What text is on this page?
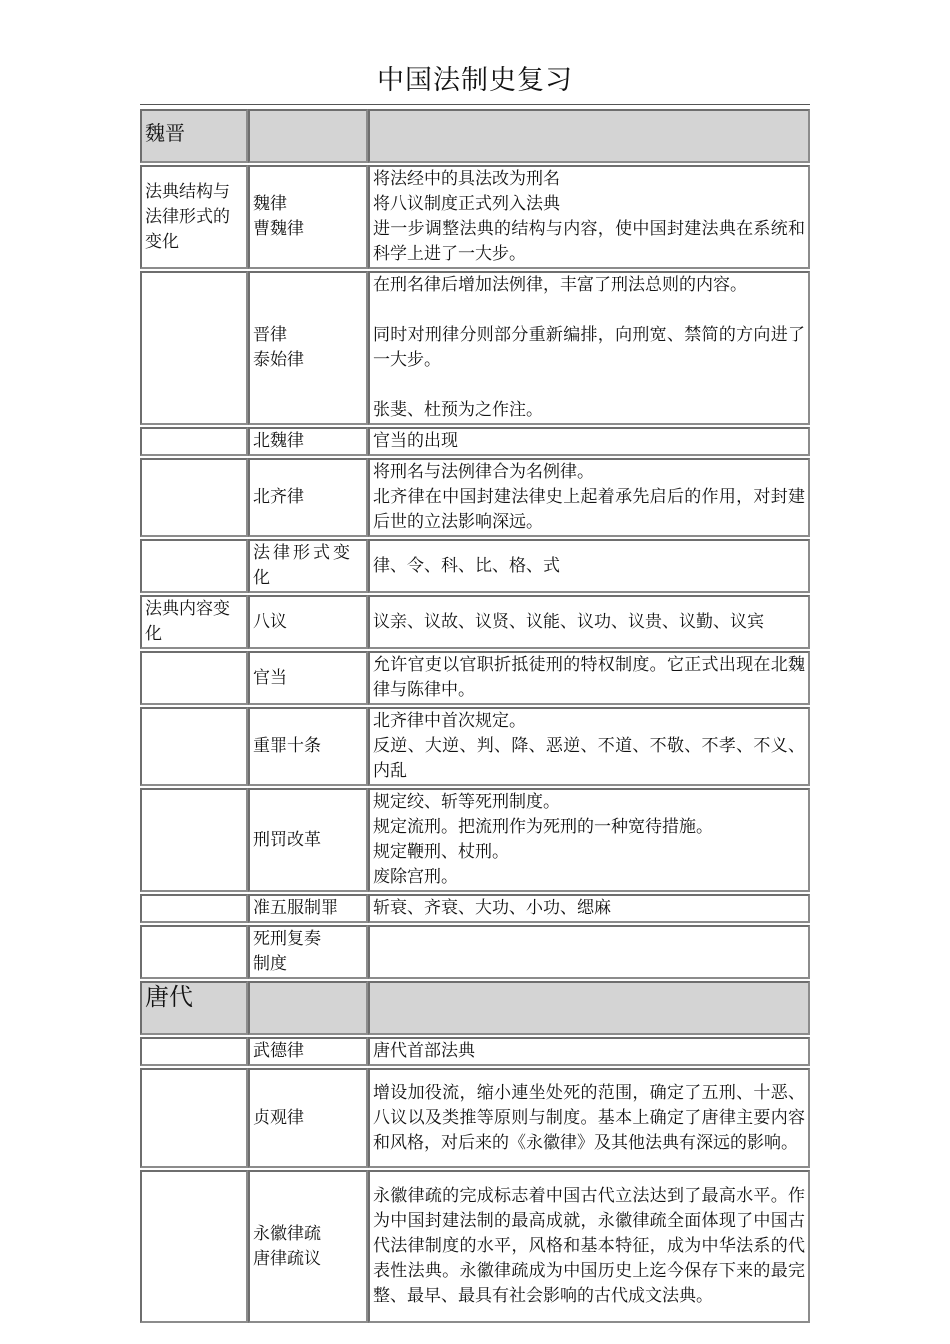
中国法制史复习
魏晋		

法典结构与
法律形式的
变化	魏律
曹魏律	将法经中的具法改为刑名
将八议制度正式列入法典
进一步调整法典的结构与内容，使中国封建法典在系统和科学上进了一大步。

	晋律
泰始律	在刑名律后增加法例律，丰富了刑法总则的内容。
同时对刑律分则部分重新编排，向刑宽、禁简的方向进了一大步。
张斐、杜预为之作注。

	北魏律	官当的出现

	北齐律	将刑名与法例律合为名例律。
北齐律在中国封建法律史上起着承先启后的作用，对封建后世的立法影响深远。

	法律形式变化	律、令、科、比、格、式

法典内容变化	八议	议亲、议故、议贤、议能、议功、议贵、议勤、议宾

	官当	允许官吏以官职折抵徒刑的特权制度。它正式出现在北魏律与陈律中。

	重罪十条	北齐律中首次规定。
反逆、大逆、判、降、恶逆、不道、不敬、不孝、不义、内乱

	刑罚改革	规定绞、斩等死刑制度。
规定流刑。把流刑作为死刑的一种宽待措施。
规定鞭刑、杖刑。
废除宫刑。

	准五服制罪	斩衰、齐衰、大功、小功、缌麻

	死刑复奏
制度	

唐代		

	武德律	唐代首部法典

	贞观律	增设加役流，缩小連坐处死的范围，确定了五刑、十恶、八议以及类推等原则与制度。基本上确定了唐律主要内容和风格，对后来的《永徽律》及其他法典有深远的影响。

	永徽律疏
唐律疏议	永徽律疏的完成标志着中国古代立法达到了最高水平。作为中国封建法制的最高成就，永徽律疏全面体现了中国古代法律制度的水平，风格和基本特征，成为中华法系的代表性法典。永徽律疏成为中国历史上迄今保存下来的最完整、最早、最具有社会影响的古代成文法典。
